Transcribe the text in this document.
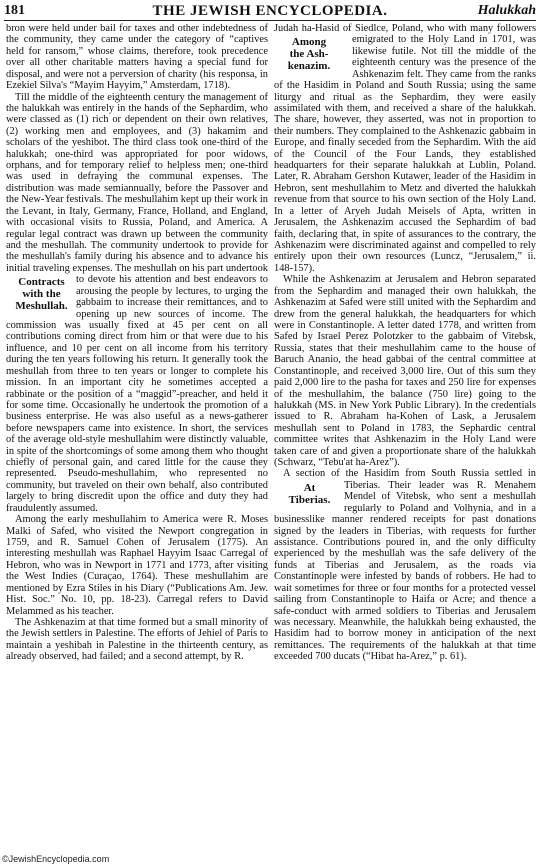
181	THE JEWISH ENCYCLOPEDIA.	Halukkah

bron were held under bail for taxes and other indebtedness of the community, they came under the category of “captives held for ransom,” whose claims, therefore, took precedence over all other charitable matters having a special fund for disposal, and were not a perversion of charity (his responsa, in Ezekiel Silva's “Mayim Hayyim,” Amsterdam, 1718).

Till the middle of the eighteenth century the management of the halukkah was entirely in the hands of the Sephardim, who were classed as (1) rich or dependent on their own relatives, (2) working men and employees, and (3) hakamim and scholars of the yeshibot. The third class took one-third of the halukkah; one-third was appropriated for poor widows, orphans, and for temporary relief to helpless men; one-third was used in defraying the communal expenses. The distribution was made semiannually, before the Passover and the New-Year festivals. The meshullahim kept up their work in the Levant, in Italy, Germany, France, Holland, and England, with occasional visits to Russia, Poland, and America. A regular legal contract was drawn up between the community and the meshullah. The community undertook to provide for the meshullah's family during his absence and to advance his initial traveling expenses. The meshullah on his part un
Contracts
with the
Meshullah.
dertook to devote his attention and best endeavors to arousing the people by lectures, to urging the gabbaim to increase their remittances, and to opening up new sources of income. The commission was usually fixed at 45 per cent on all contributions coming direct from him or that were due to his influence, and 10 per cent on all income from his territory during the ten years following his return. It generally took the meshullah from three to ten years or longer to complete his mission. In an important city he sometimes accepted a rabbinate or the position of a “maggid”-preacher, and held it for some time. Occasionally he undertook the promotion of a business enterprise. He was also useful as a news-gatherer before newspapers came into existence. In short, the services of the average old-style meshullahim were distinctly valuable, in spite of the shortcomings of some among them who thought chiefly of personal gain, and cared little for the cause they represented. Pseudo-meshullahim, who represented no community, but traveled on their own behalf, also contributed largely to bring discredit upon the office and duty they had fraudulently assumed.

Among the early meshullahim to America were R. Moses Malki of Safed, who visited the Newport congregation in 1759, and R. Samuel Cohen of Jerusalem (1775). An interesting meshullah was Raphael Hayyim Isaac Carregal of Hebron, who was in Newport in 1771 and 1773, after visiting the West Indies (Curaçao, 1764). These meshullahim are mentioned by Ezra Stiles in his Diary (“Publications Am. Jew. Hist. Soc.” No. 10, pp. 18-23). Carregal refers to David Melammed as his teacher.

The Ashkenazim at that time formed but a small minority of the Jewish settlers in Palestine. The efforts of Jehiel of Paris to maintain a yeshibah in Palestine in the thirteenth century, as already observed, had failed; and a second attempt, by R.

Judah ha-Hasid of Siedlce, Poland, who with many followers emigrated to the Holy Land in 1701,
Among
the Ash-
kenazim.
was likewise futile. Not till the middle of the eighteenth century was the presence of the Ashkenazim felt. They came from the ranks of the Hasidim in Poland and South Russia; using the same liturgy and ritual as the Sephardim, they were easily assimilated with them, and received a share of the halukkah. The share, however, they asserted, was not in proportion to their numbers. They complained to the Ashkenazic gabbaim in Europe, and finally seceded from the Sephardim. With the aid of the Council of the Four Lands, they established headquarters for their separate halukkah at Lublin, Poland. Later, R. Abraham Gershon Kutawer, leader of the Hasidim in Hebron, sent meshullahim to Metz and diverted the halukkah revenue from that source to his own section of the Holy Land. In a letter of Aryeh Judah Meisels of Apta, written in Jerusalem, the Ashkenazim accused the Sephardim of bad faith, declaring that, in spite of assurances to the contrary, the Ashkenazim were discriminated against and compelled to rely entirely upon their own resources (Luncz, “Jerusalem,” ii. 148-157).

While the Ashkenazim at Jerusalem and Hebron separated from the Sephardim and managed their own halukkah, the Ashkenazim at Safed were still united with the Sephardim and drew from the general halukkah, the headquarters for which were in Constantinople. A letter dated 1778, and written from Safed by Israel Perez Polotzker to the gabbaim of Vitebsk, Russia, states that their meshullahim came to the house of Baruch Ananio, the head gabbai of the central committee at Constantinople, and received 3,000 lire. Out of this sum they paid 2,000 lire to the pasha for taxes and 250 lire for expenses of the meshullahim, the balance (750 lire) going to the halukkah (MS. in New York Public Library). In the credentials issued to R. Abraham ha-Kohen of Lask, a Jerusalem meshullah sent to Poland in 1783, the Sephardic central committee writes that Ashkenazim in the Holy Land were taken care of and given a proportionate share of the halukkah (Schwarz, “Tebu'at ha-Arez”).

A section of the Hasidim from South Russia settled in Tiberias. Their leader was R. Menahem
At
Tiberias.	Mendel of Vitebsk, who sent a meshullah regularly to Poland and Volhynia, and in a businesslike manner rendered receipts for past donations signed by the leaders in Tiberias, with requests for further assistance. Contributions poured in, and the only difficulty experienced by the meshullah was the safe delivery of the funds at Tiberias and Jerusalem, as the roads via Constantinople were infested by bands of robbers. He had to wait sometimes for three or four months for a protected vessel sailing from Constantinople to Haifa or Acre; and thence a safe-conduct with armed soldiers to Tiberias and Jerusalem was necessary. Meanwhile, the halukkah being exhausted, the Hasidim had to borrow money in anticipation of the next remittances. The requirements of the halukkah at that time exceeded 700 ducats (“Hibat ha-Arez,” p. 61).

©JewishEncyclopedia.com
